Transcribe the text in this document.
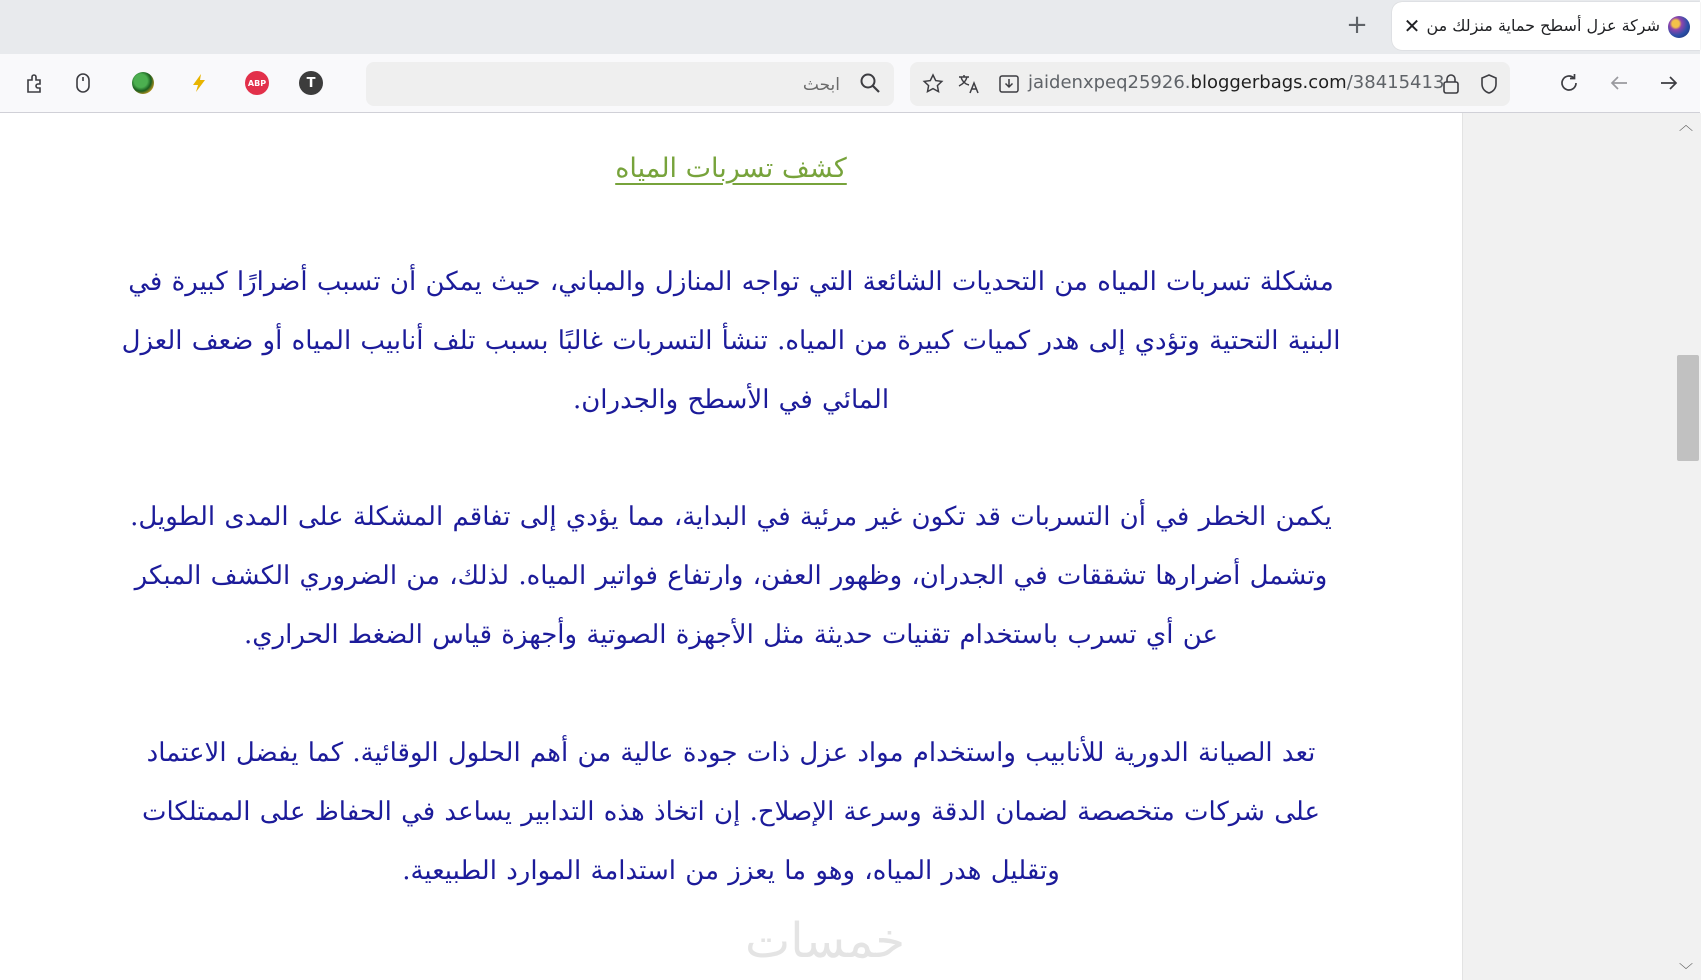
+ ✕ شركة عزل أسطح حماية منزلك من
ABP	T
ابحث	jaidenxpeq25926.bloggerbags.com/38415413
كشف تسربات المياه

مشكلة تسربات المياه من التحديات الشائعة التي تواجه المنازل والمباني، حيث يمكن أن تسبب أضرارًا كبيرة في البنية التحتية وتؤدي إلى هدر كميات كبيرة من المياه. تنشأ التسربات غالبًا بسبب تلف أنابيب المياه أو ضعف العزل المائي في الأسطح والجدران.

يكمن الخطر في أن التسربات قد تكون غير مرئية في البداية، مما يؤدي إلى تفاقم المشكلة على المدى الطويل. وتشمل أضرارها تشققات في الجدران، وظهور العفن، وارتفاع فواتير المياه. لذلك، من الضروري الكشف المبكر عن أي تسرب باستخدام تقنيات حديثة مثل الأجهزة الصوتية وأجهزة قياس الضغط الحراري.

تعد الصيانة الدورية للأنابيب واستخدام مواد عزل ذات جودة عالية من أهم الحلول الوقائية. كما يفضل الاعتماد على شركات متخصصة لضمان الدقة وسرعة الإصلاح. إن اتخاذ هذه التدابير يساعد في الحفاظ على الممتلكات وتقليل هدر المياه، وهو ما يعزز من استدامة الموارد الطبيعية.

خمسات
︿
﹀
